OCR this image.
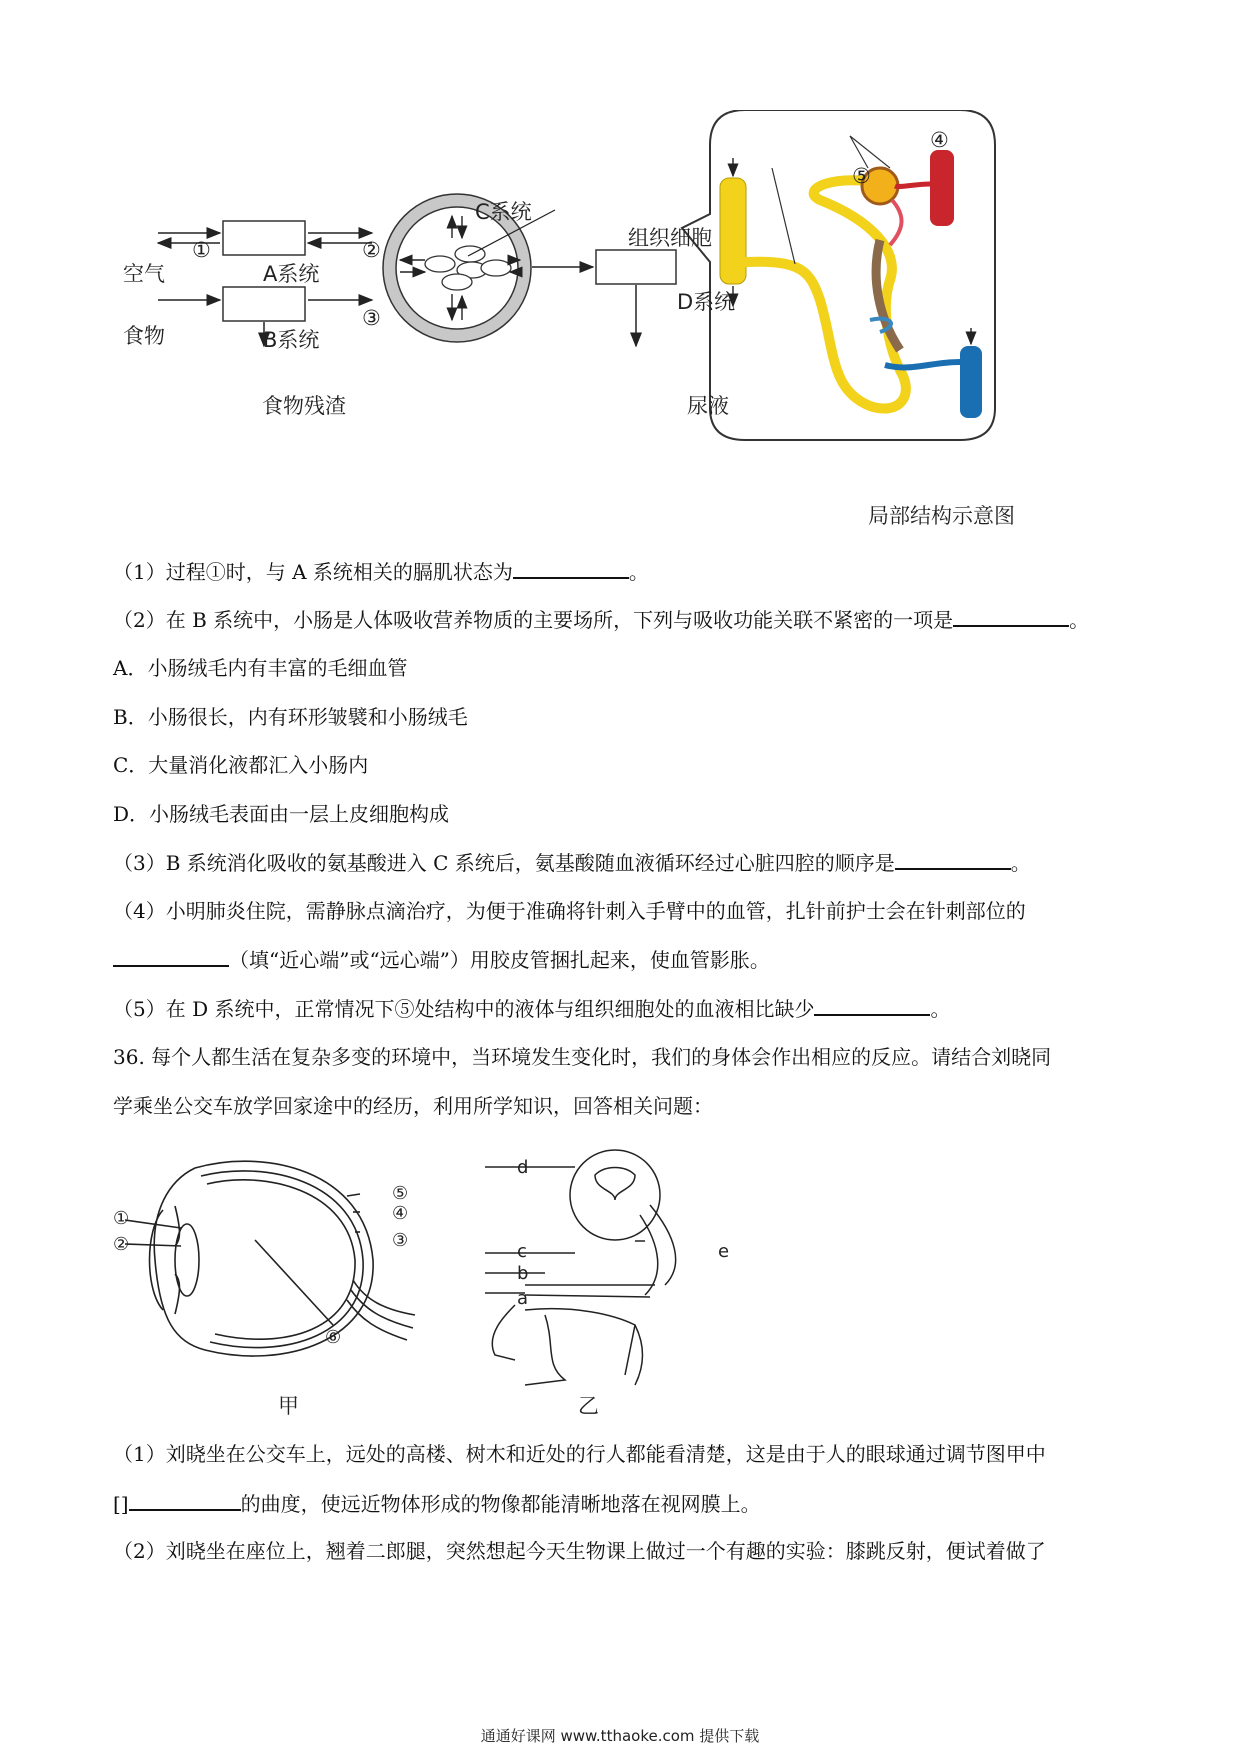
空气
食物
A系统
B系统
C系统
D系统
组织细胞
食物残渣	尿液
①	②
③
④
⑤
局部结构示意图
（1）过程①时，与 A 系统相关的膈肌状态为	。
（2）在 B 系统中，小肠是人体吸收营养物质的主要场所，下列与吸收功能关联不紧密的一项是	。
A．小肠绒毛内有丰富的毛细血管
B．小肠很长，内有环形皱襞和小肠绒毛
C．大量消化液都汇入小肠内
D．小肠绒毛表面由一层上皮细胞构成
（3）B 系统消化吸收的氨基酸进入 C 系统后，氨基酸随血液循环经过心脏四腔的顺序是	。
（4）小明肺炎住院，需静脉点滴治疗，为便于准确将针刺入手臂中的血管，扎针前护士会在针刺部位的
（填“近心端”或“远心端”）用胶皮管捆扎起来，使血管影胀。
（5）在 D 系统中，正常情况下⑤处结构中的液体与组织细胞处的血液相比缺少	。
36. 每个人都生活在复杂多变的环境中，当环境发生变化时，我们的身体会作出相应的反应。请结合刘晓同
学乘坐公交车放学回家途中的经历，利用所学知识，回答相关问题：
①
②
⑤
④
③
⑥
甲
d
c
b
a
e
乙
（1）刘晓坐在公交车上，远处的高楼、树木和近处的行人都能看清楚，这是由于人的眼球通过调节图甲中
[]	的曲度，使远近物体形成的物像都能清晰地落在视网膜上。
（2）刘晓坐在座位上，翘着二郎腿，突然想起今天生物课上做过一个有趣的实验：膝跳反射，便试着做了
通通好课网 www.tthaoke.com 提供下载
